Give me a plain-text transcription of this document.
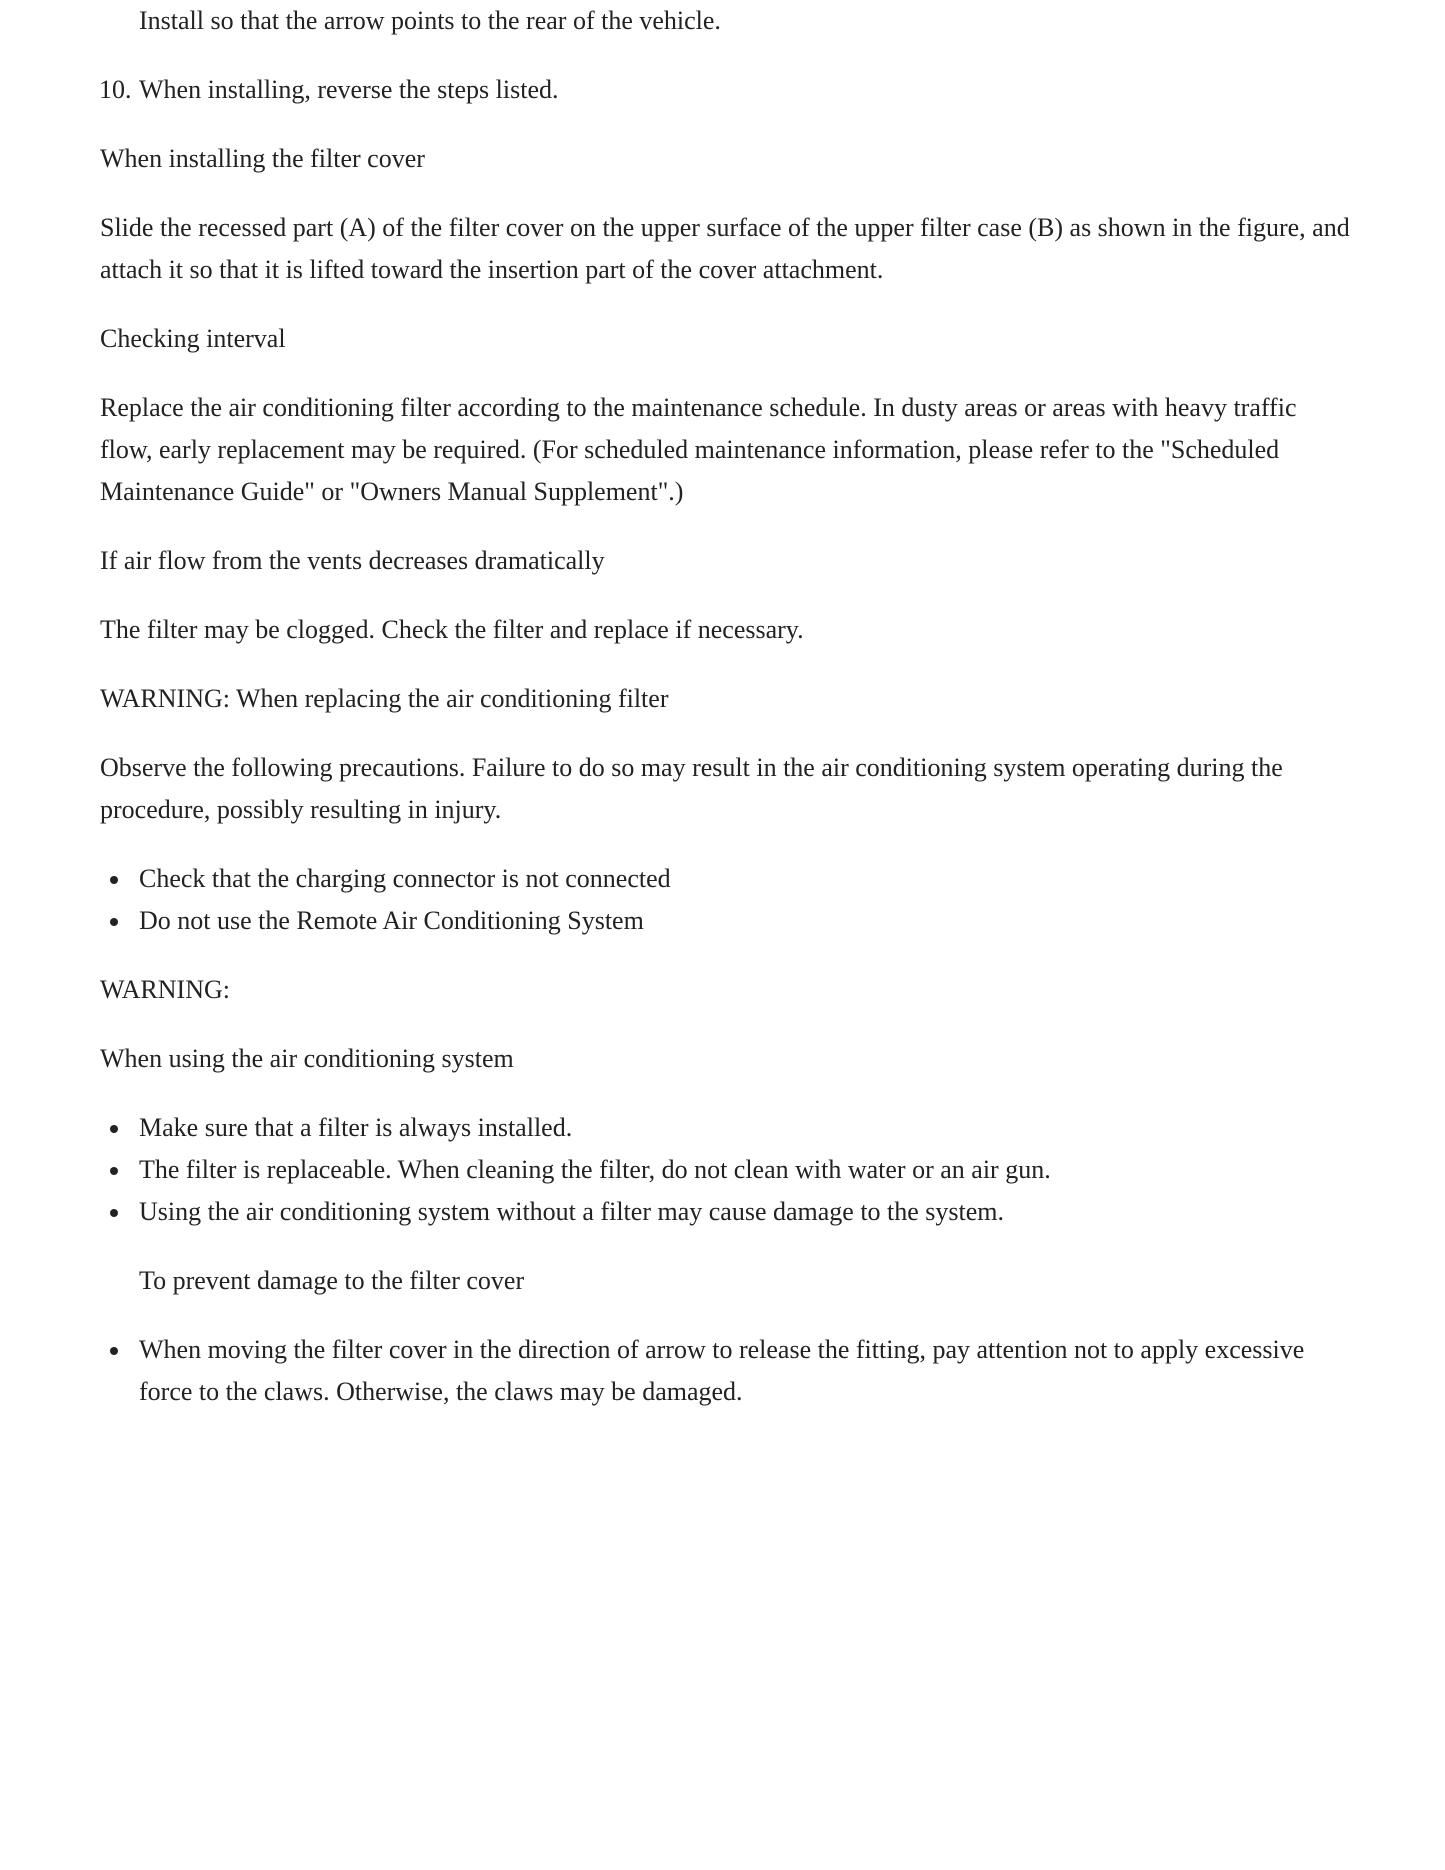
Install so that the arrow points to the rear of the vehicle.

10. When installing, reverse the steps listed.

When installing the filter cover

Slide the recessed part (A) of the filter cover on the upper surface of the upper filter case (B) as shown in the figure, and attach it so that it is lifted toward the insertion part of the cover attachment.

Checking interval

Replace the air conditioning filter according to the maintenance schedule. In dusty areas or areas with heavy traffic flow, early replacement may be required. (For scheduled maintenance information, please refer to the "Scheduled Maintenance Guide" or "Owners Manual Supplement".)

If air flow from the vents decreases dramatically

The filter may be clogged. Check the filter and replace if necessary.

WARNING: When replacing the air conditioning filter

Observe the following precautions. Failure to do so may result in the air conditioning system operating during the procedure, possibly resulting in injury.

Check that the charging connector is not connected
Do not use the Remote Air Conditioning System

WARNING:

When using the air conditioning system

Make sure that a filter is always installed.
The filter is replaceable. When cleaning the filter, do not clean with water or an air gun.
Using the air conditioning system without a filter may cause damage to the system.

To prevent damage to the filter cover

When moving the filter cover in the direction of arrow to release the fitting, pay attention not to apply excessive force to the claws. Otherwise, the claws may be damaged.
